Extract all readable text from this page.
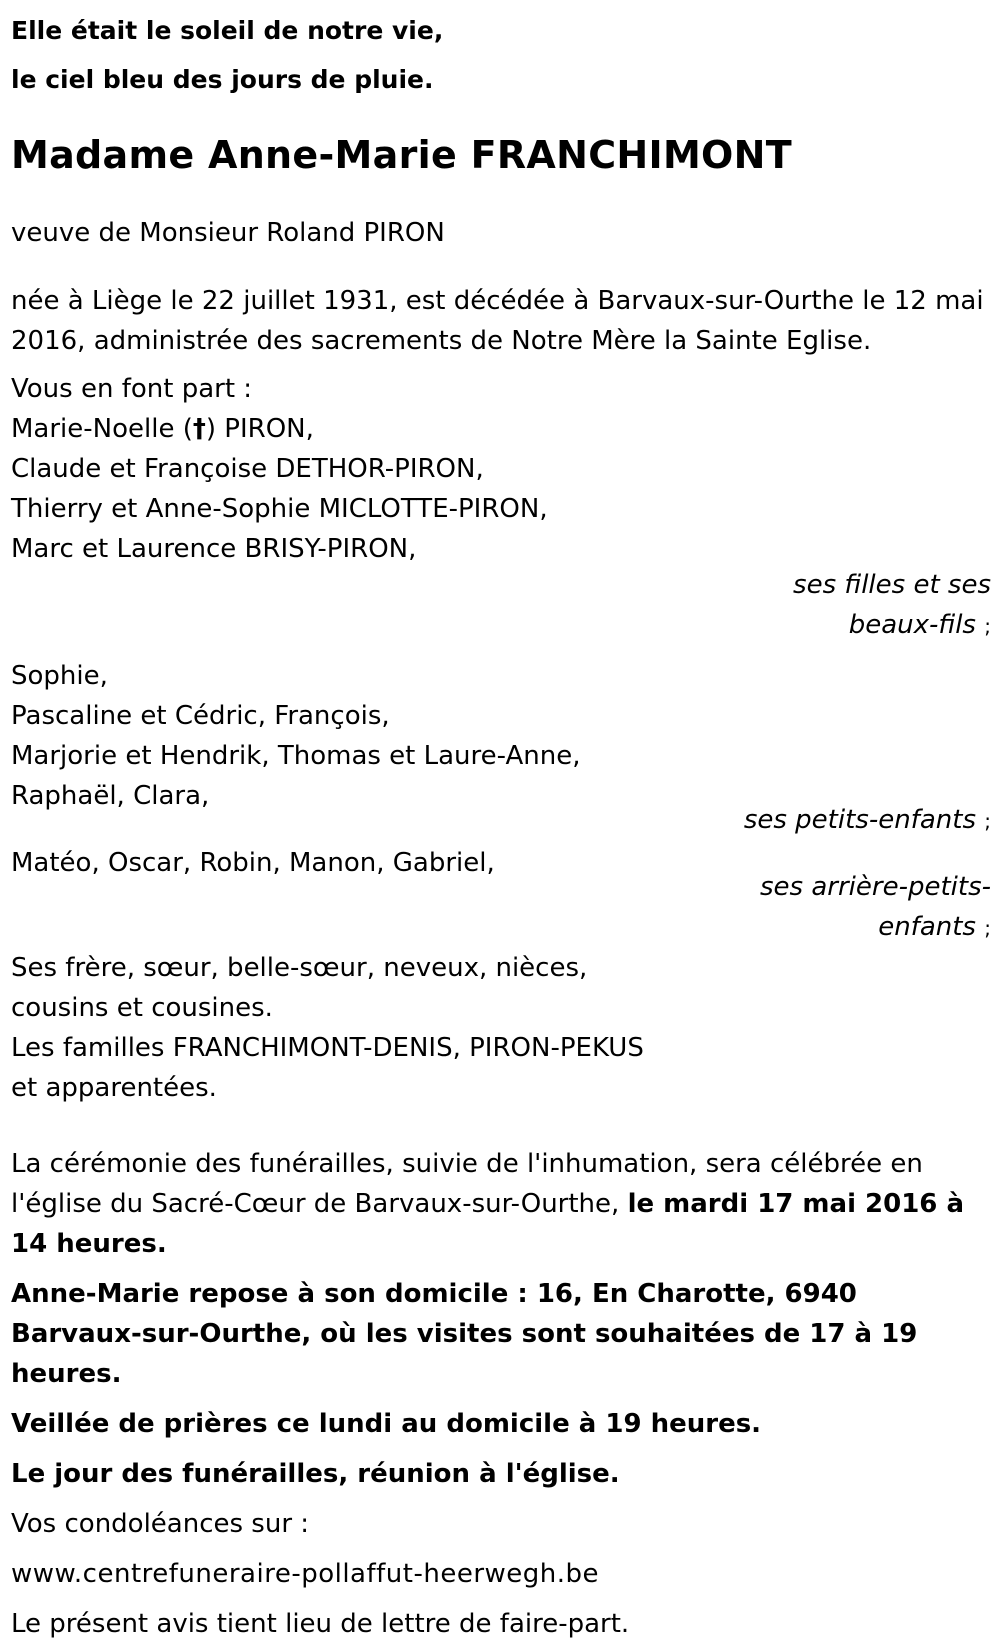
Elle était le soleil de notre vie,

le ciel bleu des jours de pluie.

Madame Anne-Marie FRANCHIMONT

veuve de Monsieur Roland PIRON

née à Liège le 22 juillet 1931, est décédée à Barvaux-sur-Ourthe le 12 mai 2016, administrée des sacrements de Notre Mère la Sainte Eglise.

Vous en font part :

Marie-Noelle (†) PIRON,

Claude et Françoise DETHOR-PIRON,

Thierry et Anne-Sophie MICLOTTE-PIRON,

Marc et Laurence BRISY-PIRON,

ses filles et ses

beaux-fils ;

Sophie,

Pascaline et Cédric, François,

Marjorie et Hendrik, Thomas et Laure-Anne,

Raphaël, Clara,

ses petits-enfants ;

Matéo, Oscar, Robin, Manon, Gabriel,

ses arrière-petits-

enfants ;

Ses frère, sœur, belle-sœur, neveux, nièces,

cousins et cousines.

Les familles FRANCHIMONT-DENIS, PIRON-PEKUS

et apparentées.

La cérémonie des funérailles, suivie de l'inhumation, sera célébrée en l'église du Sacré-Cœur de Barvaux-sur-Ourthe, le mardi 17 mai 2016 à 14 heures.

Anne-Marie repose à son domicile : 16, En Charotte, 6940 Barvaux-sur-Ourthe, où les visites sont souhaitées de 17 à 19 heures.

Veillée de prières ce lundi au domicile à 19 heures.

Le jour des funérailles, réunion à l'église.

Vos condoléances sur :

www.centrefuneraire-pollaffut-heerwegh.be

Le présent avis tient lieu de lettre de faire-part.
